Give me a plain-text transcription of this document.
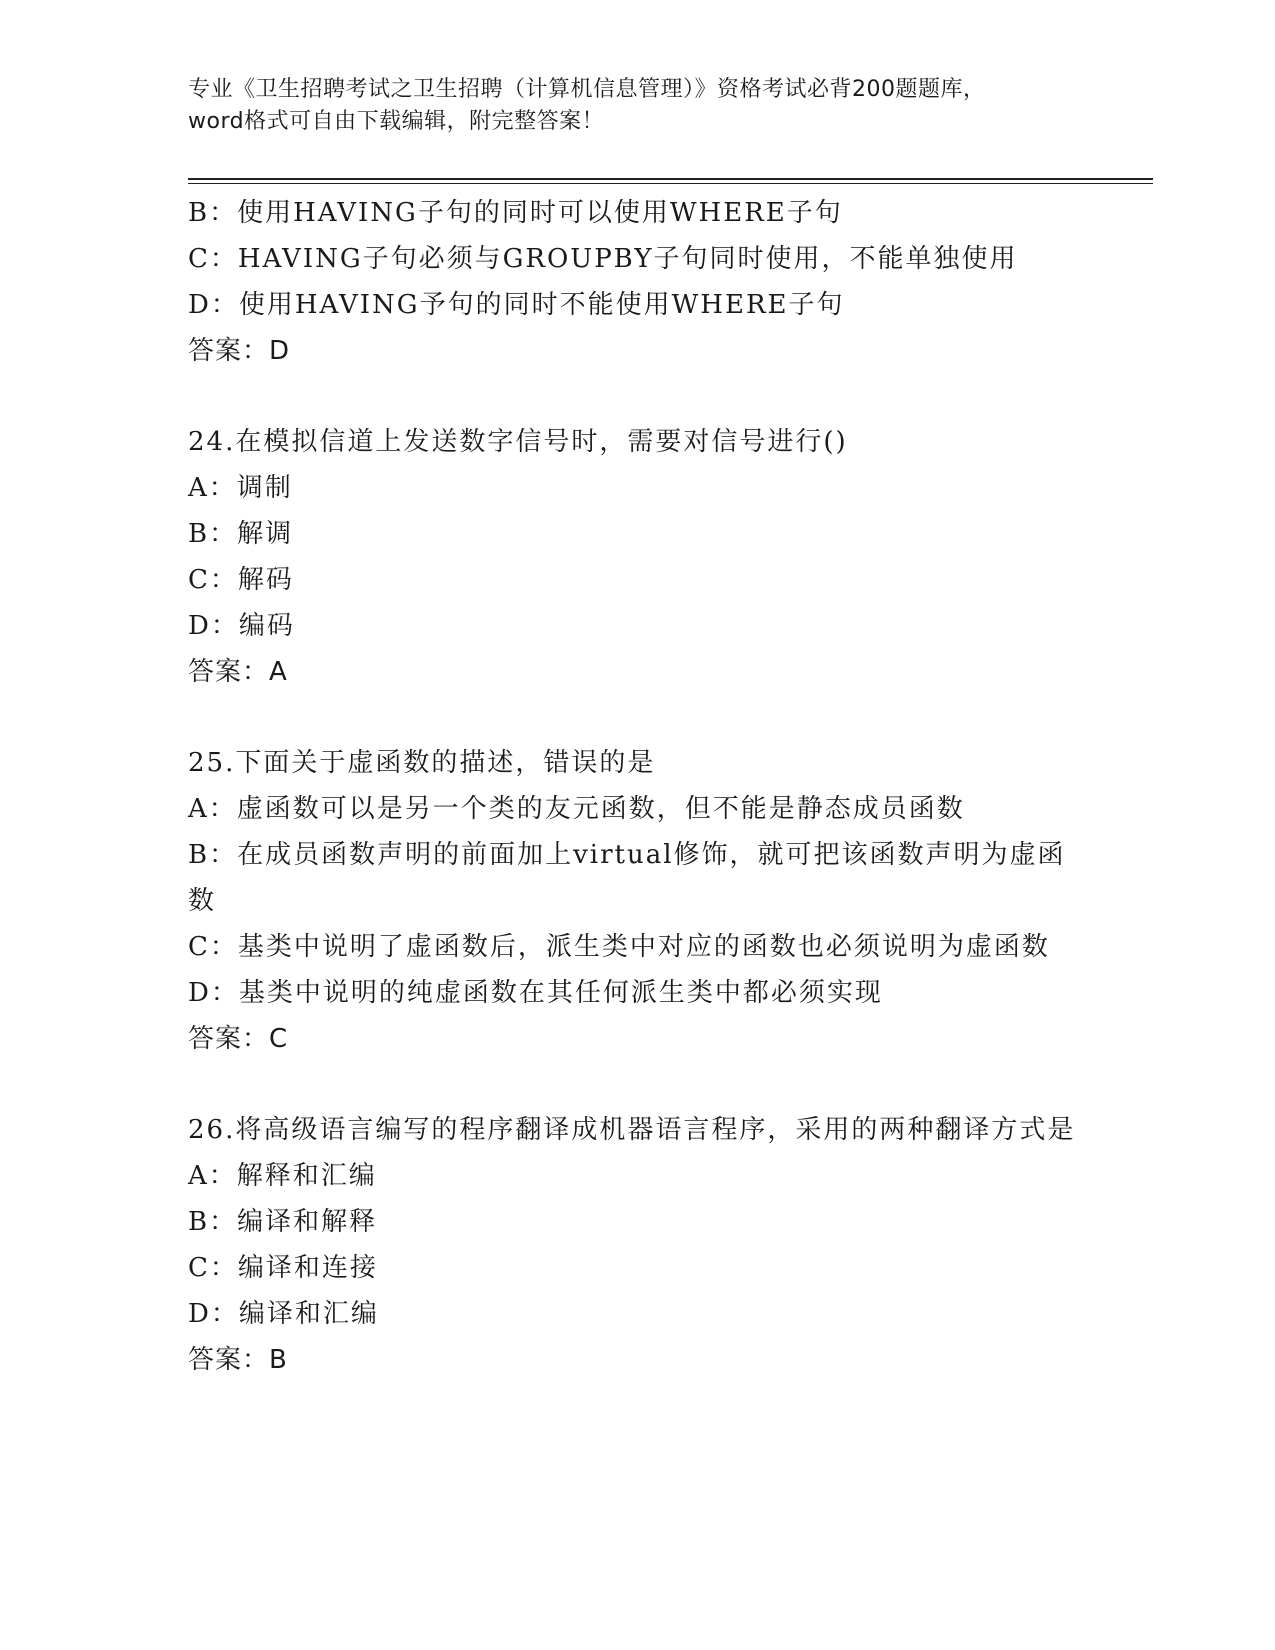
专业《卫生招聘考试之卫生招聘（计算机信息管理）》资格考试必背200题题库，
word格式可自由下载编辑，附完整答案！
B：使用HAVING子句的同时可以使用WHERE子句
C：HAVING子句必须与GROUPBY子句同时使用，不能单独使用
D：使用HAVING予句的同时不能使用WHERE子句
答案：D
24.在模拟信道上发送数字信号时，需要对信号进行()
A：调制
B：解调
C：解码
D：编码
答案：A
25.下面关于虚函数的描述，错误的是
A：虚函数可以是另一个类的友元函数，但不能是静态成员函数
B：在成员函数声明的前面加上virtual修饰，就可把该函数声明为虚函数
C：基类中说明了虚函数后，派生类中对应的函数也必须说明为虚函数
D：基类中说明的纯虚函数在其任何派生类中都必须实现
答案：C
26.将高级语言编写的程序翻译成机器语言程序，采用的两种翻译方式是
A：解释和汇编
B：编译和解释
C：编译和连接
D：编译和汇编
答案：B
